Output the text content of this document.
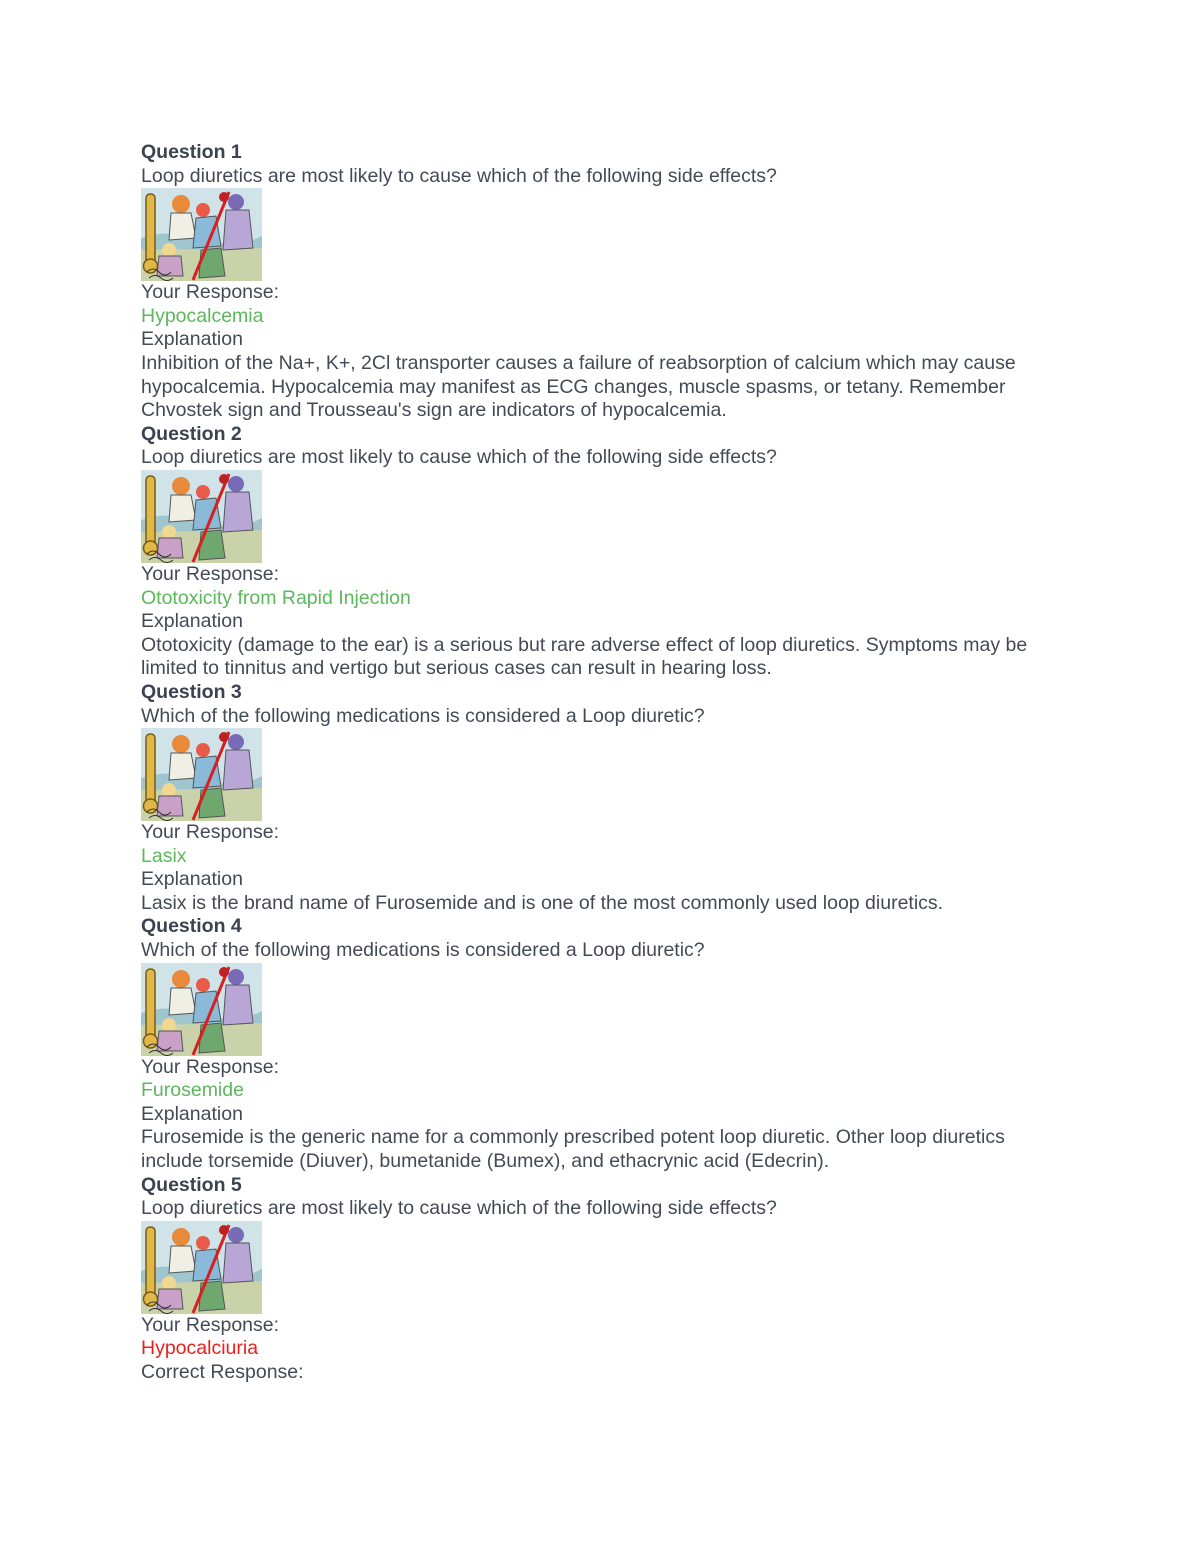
Question 1
Loop diuretics are most likely to cause which of the following side effects?
Your Response:
Hypocalcemia
Explanation
Inhibition of the Na+, K+, 2Cl transporter causes a failure of reabsorption of calcium which may cause hypocalcemia. Hypocalcemia may manifest as ECG changes, muscle spasms, or tetany. Remember Chvostek sign and Trousseau's sign are indicators of hypocalcemia.
Question 2
Loop diuretics are most likely to cause which of the following side effects?
Your Response:
Ototoxicity from Rapid Injection
Explanation
Ototoxicity (damage to the ear) is a serious but rare adverse effect of loop diuretics. Symptoms may be limited to tinnitus and vertigo but serious cases can result in hearing loss.
Question 3
Which of the following medications is considered a Loop diuretic?
Your Response:
Lasix
Explanation
Lasix is the brand name of Furosemide and is one of the most commonly used loop diuretics.
Question 4
Which of the following medications is considered a Loop diuretic?
Your Response:
Furosemide
Explanation
Furosemide is the generic name for a commonly prescribed potent loop diuretic. Other loop diuretics include torsemide (Diuver), bumetanide (Bumex), and ethacrynic acid (Edecrin).
Question 5
Loop diuretics are most likely to cause which of the following side effects?
Your Response:
Hypocalciuria
Correct Response:
